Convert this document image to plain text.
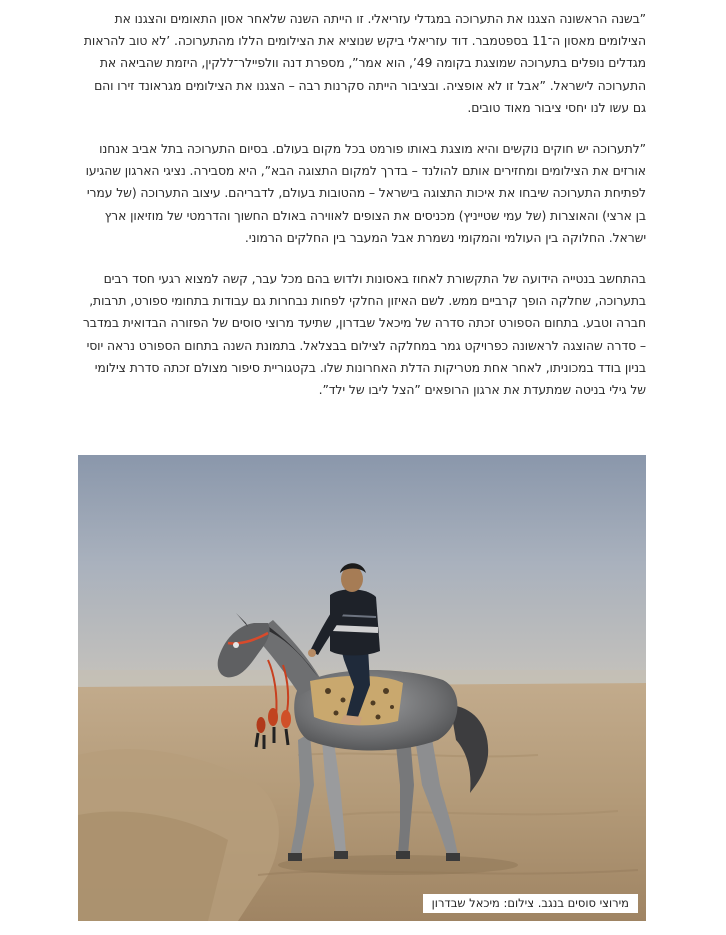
”בשנה הראשונה הצגנו את התערוכה במגדלי עזריאלי. זו הייתה השנה שלאחר אסון התאומים והצגנו את הצילומים מאסון ה־11 בספטמבר. דוד עזריאלי ביקש שנוציא את הצילומים הללו מהתערוכה. ’לא טוב להראות מגדלים נופלים בתערוכה שמוצגת בקומה 49’, הוא אמר”, מספרת דנה וולפיילר־ללקין, היזמת שהביאה את התערוכה לישראל. ”אבל זו לא אופציה. ובציבור הייתה סקרנות רבה – הצגנו את הצילומים מגראונד זירו והם גם עשו לנו יחסי ציבור מאוד טובים.

”לתערוכה יש חוקים נוקשים והיא מוצגת באותו פורמט בכל מקום בעולם. בסיום התערוכה בתל אביב אנחנו אורזים את הצילומים ומחזירים אותם להולנד – בדרך למקום התצוגה הבא”, היא מסבירה. נציגי הארגון שהגיעו לפתיחת התערוכה שיבחו את איכות התצוגה בישראל – מהטובות בעולם, לדבריהם. עיצוב התערוכה (של עמרי בן ארצי) והאוצרות (של עמי שטייניץ) מכניסים את הצופים לאווירה באולם החשוך והדרמטי של מוזיאון ארץ ישראל. החלוקה בין העולמי והמקומי נשמרת אבל המעבר בין החלקים הרמוני.

בהתחשב בנטייה הידועה של התקשורת לאחוז באסונות ולדוש בהם מכל עבר, קשה למצוא רגעי חסד רבים בתערוכה, שחלקה הופך קרביים ממש. לשם האיזון החלקי לפחות נבחרות גם עבודות בתחומי ספורט, תרבות, חברה וטבע. בתחום הספורט זכתה סדרה של מיכאל שבדרון, שתיעד מרוצי סוסים של הפזורה הבדואית במדבר – סדרה שהוצגה לראשונה כפרויקט גמר במחלקה לצילום בבצלאל. בתמונת השנה בתחום הספורט נראה יוסי בניון בודד במכוניתו, לאחר אחת מטריקות הדלת האחרונות שלו. בקטגוריית סיפור מצולם זכתה סדרת צילומי של גילי בניטה שמתעדת את ארגון הרופאים ”הצל ליבו של ילד”.

מירוצי סוסים בנגב. צילום: מיכאל שבדרון
